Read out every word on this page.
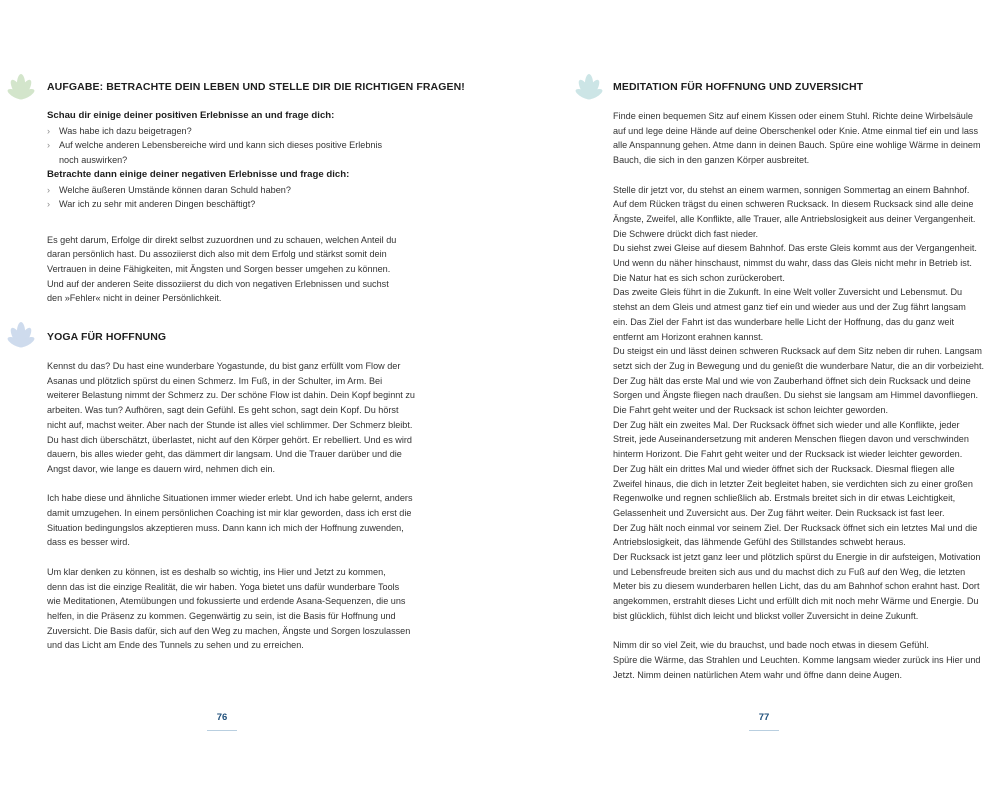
AUFGABE: BETRACHTE DEIN LEBEN UND STELLE DIR DIE RICHTIGEN FRAGEN!
Schau dir einige deiner positiven Erlebnisse an und frage dich:
› Was habe ich dazu beigetragen?
› Auf welche anderen Lebensbereiche wird und kann sich dieses positive Erlebnis
noch auswirken?
Betrachte dann einige deiner negativen Erlebnisse und frage dich:
› Welche äußeren Umstände können daran Schuld haben?
› War ich zu sehr mit anderen Dingen beschäftigt?

Es geht darum, Erfolge dir direkt selbst zuzuordnen und zu schauen, welchen Anteil du

daran persönlich hast. Du assoziierst dich also mit dem Erfolg und stärkst somit dein

Vertrauen in deine Fähigkeiten, mit Ängsten und Sorgen besser umgehen zu können.

Und auf der anderen Seite dissoziierst du dich von negativen Erlebnissen und suchst

den »Fehler« nicht in deiner Persönlichkeit.

YOGA FÜR HOFFNUNG

Kennst du das? Du hast eine wunderbare Yogastunde, du bist ganz erfüllt vom Flow der

Asanas und plötzlich spürst du einen Schmerz. Im Fuß, in der Schulter, im Arm. Bei

weiterer Belastung nimmt der Schmerz zu. Der schöne Flow ist dahin. Dein Kopf beginnt zu

arbeiten. Was tun? Aufhören, sagt dein Gefühl. Es geht schon, sagt dein Kopf. Du hörst

nicht auf, machst weiter. Aber nach der Stunde ist alles viel schlimmer. Der Schmerz bleibt.

Du hast dich überschätzt, überlastet, nicht auf den Körper gehört. Er rebelliert. Und es wird

dauern, bis alles wieder geht, das dämmert dir langsam. Und die Trauer darüber und die

Angst davor, wie lange es dauern wird, nehmen dich ein.

Ich habe diese und ähnliche Situationen immer wieder erlebt. Und ich habe gelernt, anders

damit umzugehen. In einem persönlichen Coaching ist mir klar geworden, dass ich erst die

Situation bedingungslos akzeptieren muss. Dann kann ich mich der Hoffnung zuwenden,

dass es besser wird.

Um klar denken zu können, ist es deshalb so wichtig, ins Hier und Jetzt zu kommen,

denn das ist die einzige Realität, die wir haben. Yoga bietet uns dafür wunderbare Tools

wie Meditationen, Atemübungen und fokussierte und erdende Asana-Sequenzen, die uns

helfen, in die Präsenz zu kommen. Gegenwärtig zu sein, ist die Basis für Hoffnung und

Zuversicht. Die Basis dafür, sich auf den Weg zu machen, Ängste und Sorgen loszulassen

und das Licht am Ende des Tunnels zu sehen und zu erreichen.

76
MEDITATION FÜR HOFFNUNG UND ZUVERSICHT

Finde einen bequemen Sitz auf einem Kissen oder einem Stuhl. Richte deine Wirbelsäule

auf und lege deine Hände auf deine Oberschenkel oder Knie. Atme einmal tief ein und lass

alle Anspannung gehen. Atme dann in deinen Bauch. Spüre eine wohlige Wärme in deinem

Bauch, die sich in den ganzen Körper ausbreitet.

Stelle dir jetzt vor, du stehst an einem warmen, sonnigen Sommertag an einem Bahnhof.

Auf dem Rücken trägst du einen schweren Rucksack. In diesem Rucksack sind alle deine

Ängste, Zweifel, alle Konflikte, alle Trauer, alle Antriebslosigkeit aus deiner Vergangenheit.

Die Schwere drückt dich fast nieder.

Du siehst zwei Gleise auf diesem Bahnhof. Das erste Gleis kommt aus der Vergangenheit.

Und wenn du näher hinschaust, nimmst du wahr, dass das Gleis nicht mehr in Betrieb ist.

Die Natur hat es sich schon zurückerobert.

Das zweite Gleis führt in die Zukunft. In eine Welt voller Zuversicht und Lebensmut. Du

stehst an dem Gleis und atmest ganz tief ein und wieder aus und der Zug fährt langsam

ein. Das Ziel der Fahrt ist das wunderbare helle Licht der Hoffnung, das du ganz weit

entfernt am Horizont erahnen kannst.

Du steigst ein und lässt deinen schweren Rucksack auf dem Sitz neben dir ruhen. Langsam

setzt sich der Zug in Bewegung und du genießt die wunderbare Natur, die an dir vorbeizieht.

Der Zug hält das erste Mal und wie von Zauberhand öffnet sich dein Rucksack und deine

Sorgen und Ängste fliegen nach draußen. Du siehst sie langsam am Himmel davonfliegen.

Die Fahrt geht weiter und der Rucksack ist schon leichter geworden.

Der Zug hält ein zweites Mal. Der Rucksack öffnet sich wieder und alle Konflikte, jeder

Streit, jede Auseinandersetzung mit anderen Menschen fliegen davon und verschwinden

hinterm Horizont. Die Fahrt geht weiter und der Rucksack ist wieder leichter geworden.

Der Zug hält ein drittes Mal und wieder öffnet sich der Rucksack. Diesmal fliegen alle

Zweifel hinaus, die dich in letzter Zeit begleitet haben, sie verdichten sich zu einer großen

Regenwolke und regnen schließlich ab. Erstmals breitet sich in dir etwas Leichtigkeit,

Gelassenheit und Zuversicht aus. Der Zug fährt weiter. Dein Rucksack ist fast leer.

Der Zug hält noch einmal vor seinem Ziel. Der Rucksack öffnet sich ein letztes Mal und die

Antriebslosigkeit, das lähmende Gefühl des Stillstandes schwebt heraus.

Der Rucksack ist jetzt ganz leer und plötzlich spürst du Energie in dir aufsteigen, Motivation

und Lebensfreude breiten sich aus und du machst dich zu Fuß auf den Weg, die letzten

Meter bis zu diesem wunderbaren hellen Licht, das du am Bahnhof schon erahnt hast. Dort

angekommen, erstrahlt dieses Licht und erfüllt dich mit noch mehr Wärme und Energie. Du

bist glücklich, fühlst dich leicht und blickst voller Zuversicht in deine Zukunft.

Nimm dir so viel Zeit, wie du brauchst, und bade noch etwas in diesem Gefühl.

Spüre die Wärme, das Strahlen und Leuchten. Komme langsam wieder zurück ins Hier und

Jetzt. Nimm deinen natürlichen Atem wahr und öffne dann deine Augen.

77
